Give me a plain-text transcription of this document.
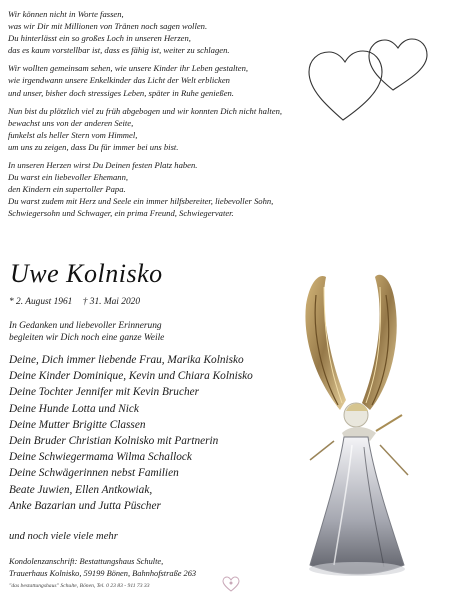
Wir können nicht in Worte fassen,
was wir Dir mit Millionen von Tränen noch sagen wollen.
Du hinterlässt ein so großes Loch in unseren Herzen,
das es kaum vorstellbar ist, dass es fähig ist, weiter zu schlagen.
Wir wollten gemeinsam sehen, wie unsere Kinder ihr Leben gestalten,
wie irgendwann unsere Enkelkinder das Licht der Welt erblicken
und unser, bisher doch stressiges Leben, später in Ruhe genießen.
Nun bist du plötzlich viel zu früh abgebogen und wir konnten Dich nicht halten,
bewachst uns von der anderen Seite,
funkelst als heller Stern vom Himmel,
um uns zu zeigen, dass Du für immer bei uns bist.
In unseren Herzen wirst Du Deinen festen Platz haben.
Du warst ein liebevoller Ehemann,
den Kindern ein supertoller Papa.
Du warst zudem mit Herz und Seele ein immer hilfsbereiter, liebevoller Sohn,
Schwiegersohn und Schwager, ein prima Freund, Schwiegervater.
Uwe Kolnisko
* 2. August 1961 † 31. Mai 2020
In Gedanken und liebevoller Erinnerung
begleiten wir Dich noch eine ganze Weile
Deine, Dich immer liebende Frau, Marika Kolnisko
Deine Kinder Dominique, Kevin und Chiara Kolnisko
Deine Tochter Jennifer mit Kevin Brucher
Deine Hunde Lotta und Nick
Deine Mutter Brigitte Classen
Dein Bruder Christian Kolnisko mit Partnerin
Deine Schwiegermama Wilma Schallock
Deine Schwägerinnen nebst Familien
Beate Juwien, Ellen Antkowiak,
Anke Bazarian und Jutta Püscher
und noch viele viele mehr
Kondolenzanschrift: Bestattungshaus Schulte,
Trauerhaus Kolnisko, 59199 Bönen, Bahnhofstraße 263
"das bestattungshaus" Schulte, Bönen, Tel. 0 23 83 - 911 73 33
